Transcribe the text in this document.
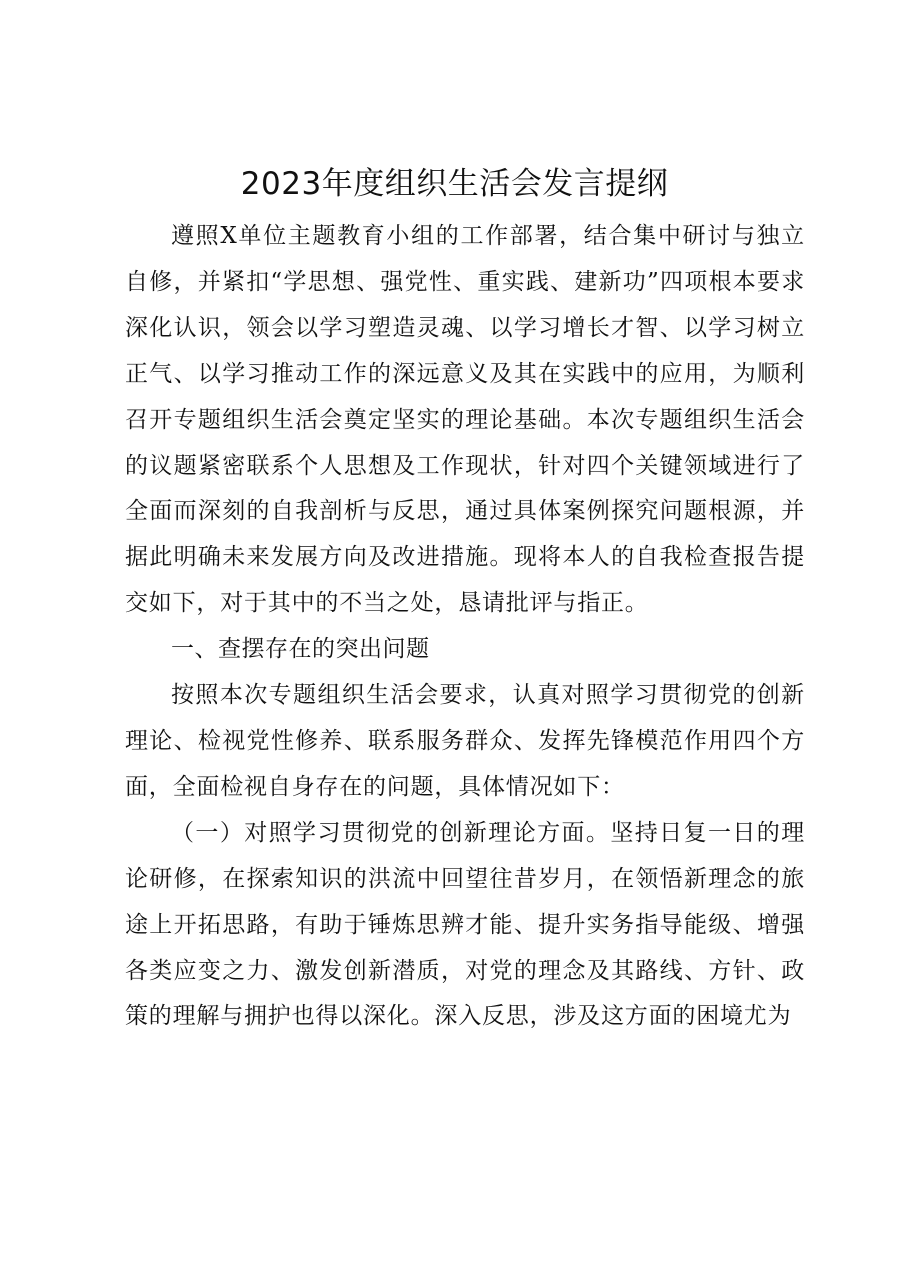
2023年度组织生活会发言提纲

遵照X单位主题教育小组的工作部署，结合集中研讨与独立自修，并紧扣“学思想、强党性、重实践、建新功”四项根本要求深化认识，领会以学习塑造灵魂、以学习增长才智、以学习树立正气、以学习推动工作的深远意义及其在实践中的应用，为顺利召开专题组织生活会奠定坚实的理论基础。本次专题组织生活会的议题紧密联系个人思想及工作现状，针对四个关键领域进行了全面而深刻的自我剖析与反思，通过具体案例探究问题根源，并据此明确未来发展方向及改进措施。现将本人的自我检查报告提交如下，对于其中的不当之处，恳请批评与指正。

一、查摆存在的突出问题

按照本次专题组织生活会要求，认真对照学习贯彻党的创新理论、检视党性修养、联系服务群众、发挥先锋模范作用四个方面，全面检视自身存在的问题，具体情况如下：

（一）对照学习贯彻党的创新理论方面。坚持日复一日的理论研修，在探索知识的洪流中回望往昔岁月，在领悟新理念的旅途上开拓思路，有助于锤炼思辨才能、提升实务指导能级、增强各类应变之力、激发创新潜质，对党的理念及其路线、方针、政策的理解与拥护也得以深化。深入反思，涉及这方面的困境尤为
